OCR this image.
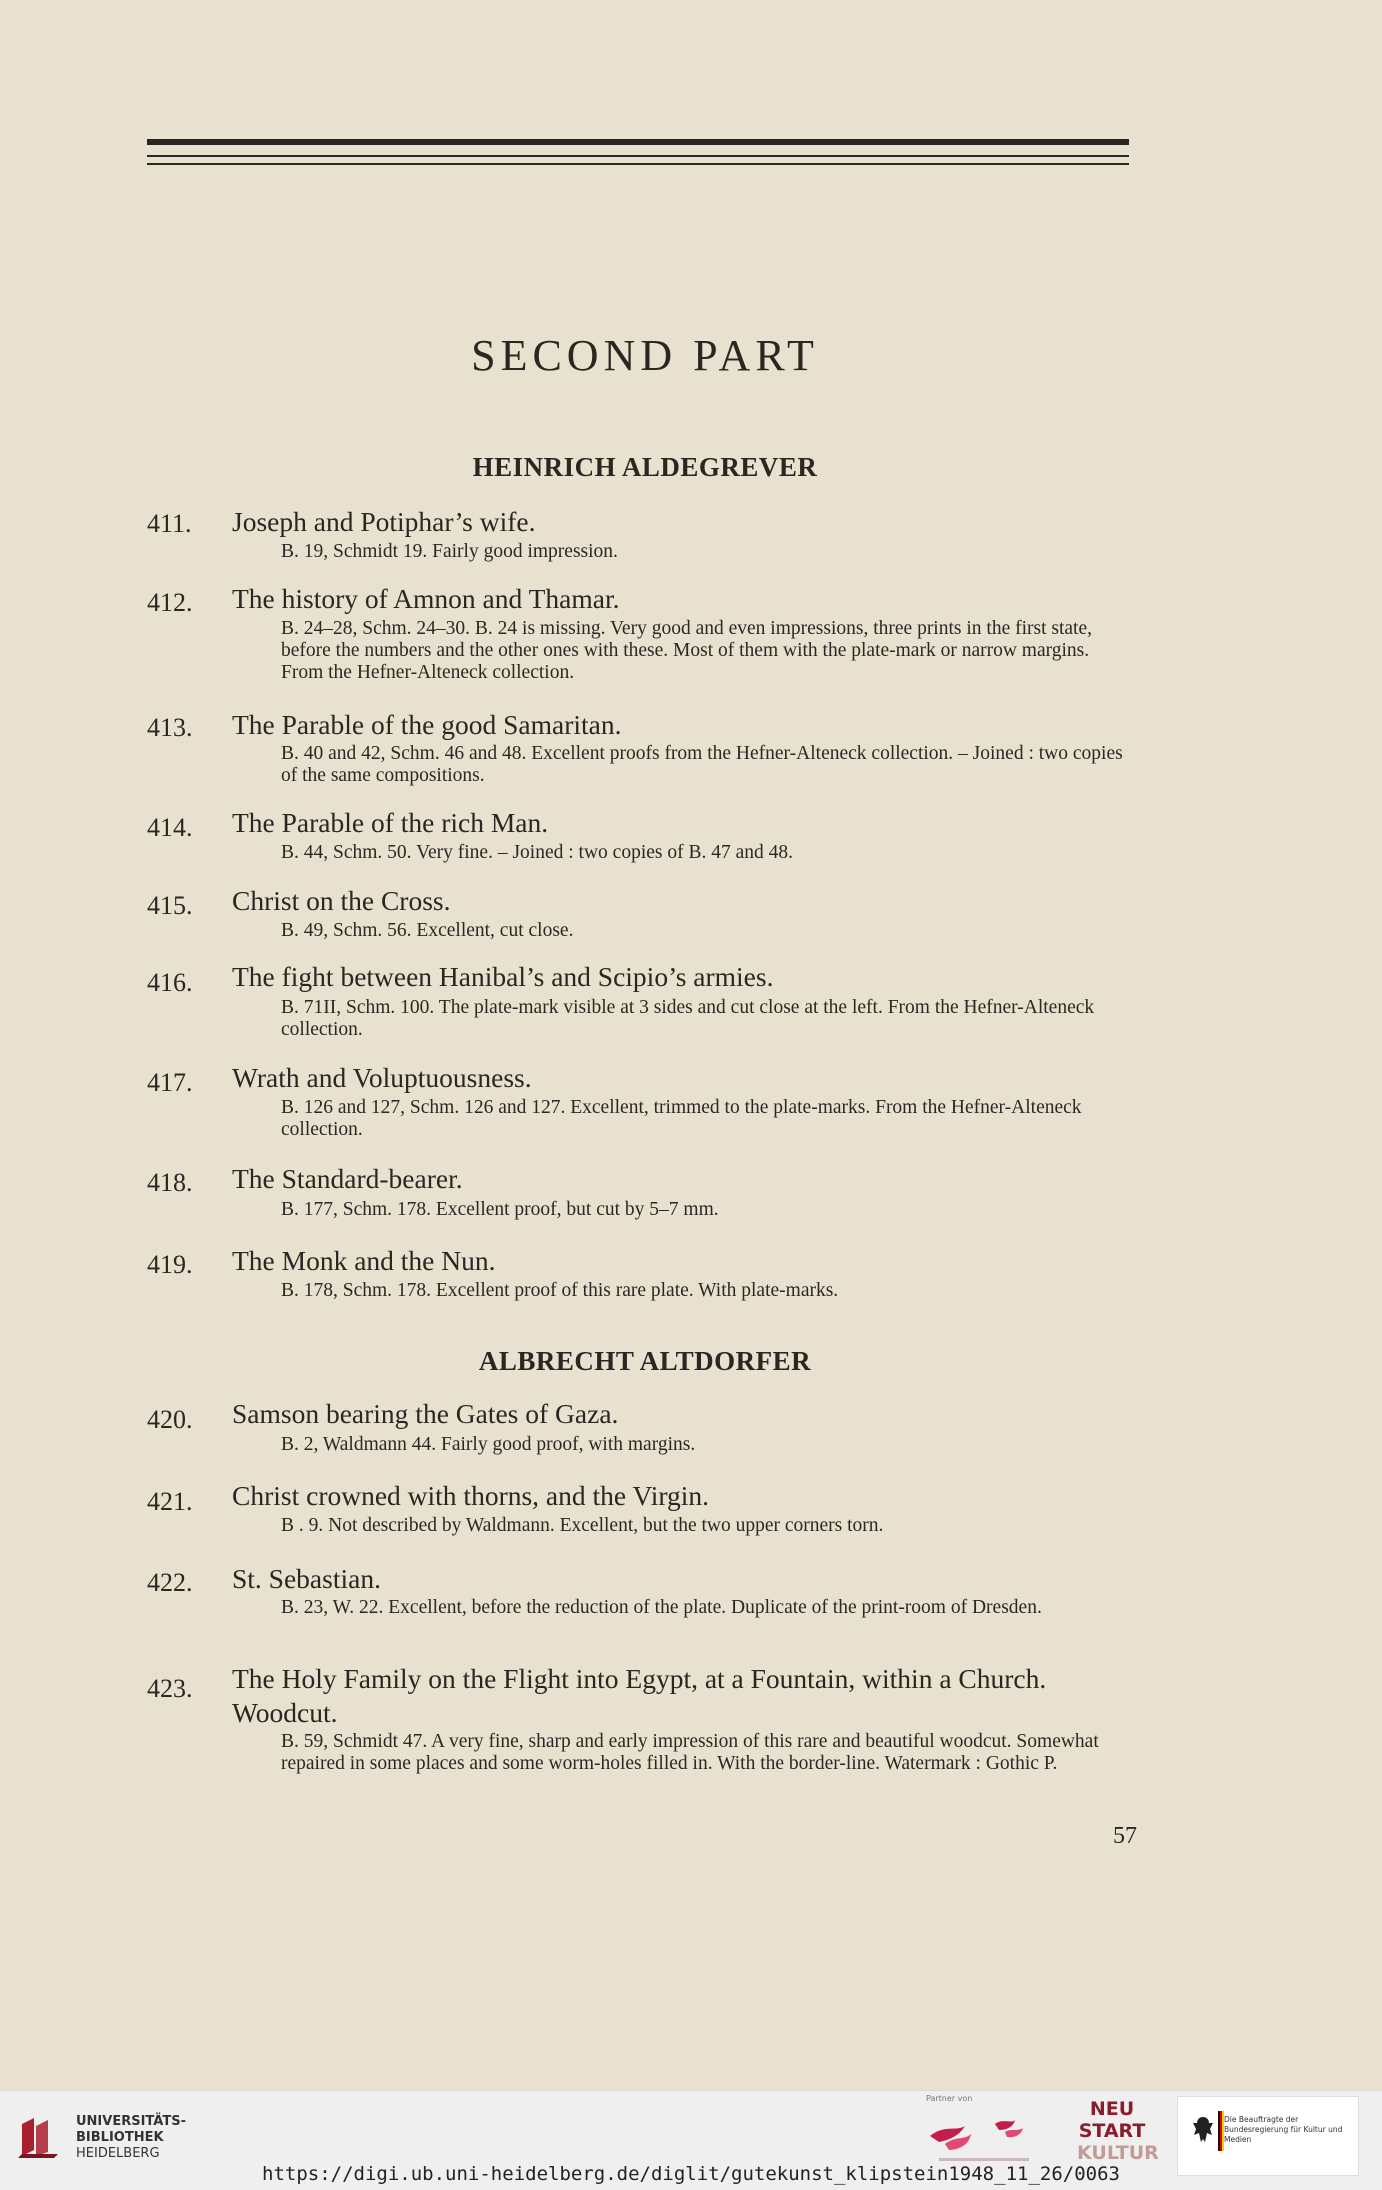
SECOND PART
HEINRICH ALDEGREVER
411. Joseph and Potiphar’s wife.
B. 19, Schmidt 19. Fairly good impression.
412. The history of Amnon and Thamar.
B. 24–28, Schm. 24–30. B. 24 is missing. Very good and even impressions, three prints in the first state, before the numbers and the other ones with these. Most of them with the plate-mark or narrow margins. From the Hefner-Alteneck collection.
413. The Parable of the good Samaritan.
B. 40 and 42, Schm. 46 and 48. Excellent proofs from the Hefner-Alteneck collection. – Joined : two copies of the same compositions.
414. The Parable of the rich Man.
B. 44, Schm. 50. Very fine. – Joined : two copies of B. 47 and 48.
415. Christ on the Cross.
B. 49, Schm. 56. Excellent, cut close.
416. The fight between Hanibal’s and Scipio’s armies.
B. 71II, Schm. 100. The plate-mark visible at 3 sides and cut close at the left. From the Hefner-Alteneck collection.
417. Wrath and Voluptuousness.
B. 126 and 127, Schm. 126 and 127. Excellent, trimmed to the plate-marks. From the Hefner-Alteneck collection.
418. The Standard-bearer.
B. 177, Schm. 178. Excellent proof, but cut by 5–7 mm.
419. The Monk and the Nun.
B. 178, Schm. 178. Excellent proof of this rare plate. With plate-marks.
ALBRECHT ALTDORFER
420. Samson bearing the Gates of Gaza.
B. 2, Waldmann 44. Fairly good proof, with margins.
421. Christ crowned with thorns, and the Virgin.
B . 9. Not described by Waldmann. Excellent, but the two upper corners torn.
422. St. Sebastian.
B. 23, W. 22. Excellent, before the reduction of the plate. Duplicate of the print-room of Dresden.
423. The Holy Family on the Flight into Egypt, at a Fountain, within a Church. Woodcut.
B. 59, Schmidt 47. A very fine, sharp and early impression of this rare and beautiful woodcut. Somewhat repaired in some places and some worm-holes filled in. With the border-line. Watermark : Gothic P.
57
UNIVERSITÄTS-
BIBLIOTHEK
HEIDELBERG
Partner von	NEU
START
KULTUR
Die Beauftragte der Bundesregierung für Kultur und Medien
https://digi.ub.uni-heidelberg.de/diglit/gutekunst_klipstein1948_11_26/0063
